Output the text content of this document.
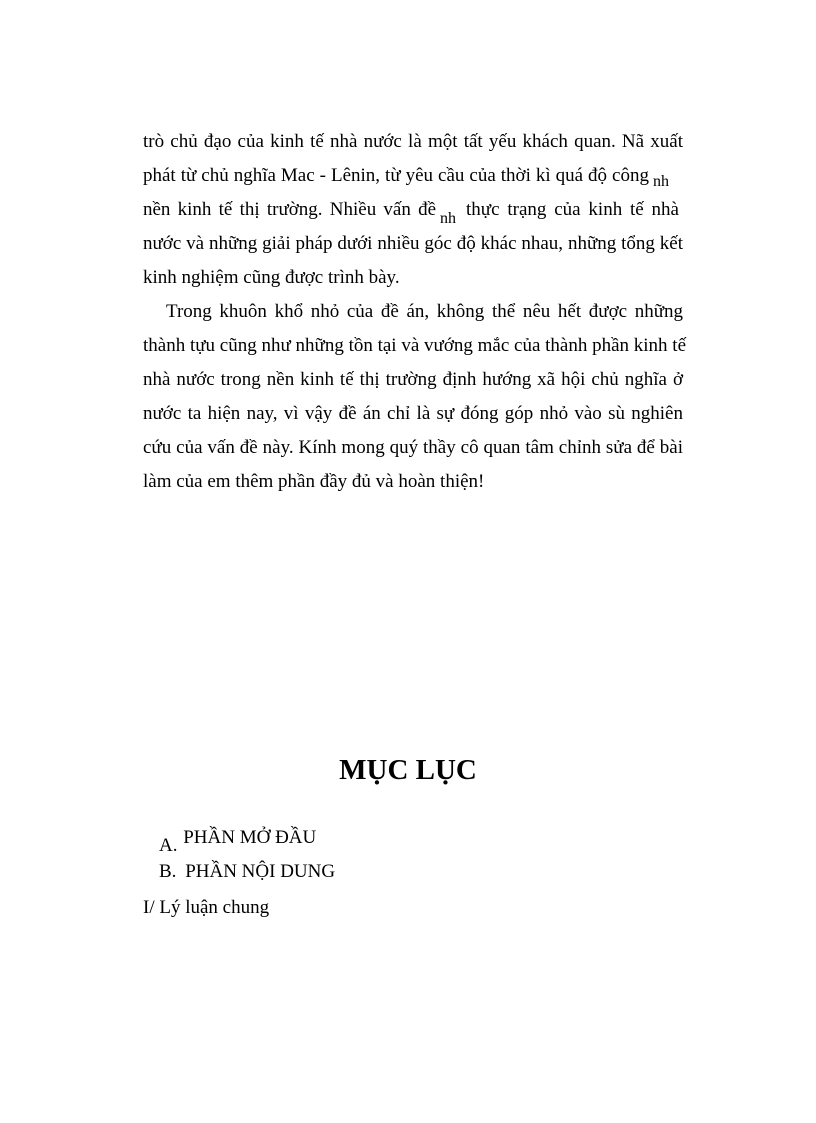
trò chủ đạo của kinh tế nhà nước là một tất yếu khách quan. Nã xuất
phát từ chủ nghĩa Mac - Lênin, từ yêu cầu của thời kì quá độ công $_{nh}$
nền kinh tế thị trường. Nhiều vấn đề $_{nh}$ thực trạng của kinh tế nhà
nước và những giải pháp dưới nhiều góc độ khác nhau, những tổng kết
kinh nghiệm cũng được trình bày.
Trong khuôn khổ nhỏ của đề án, không thể nêu hết được những
thành tựu cũng như những tồn tại và vướng mắc của thành phần kinh tế
nhà nước trong nền kinh tế thị trường định hướng xã hội chủ nghĩa ở
nước ta hiện nay, vì vậy đề án chỉ là sự đóng góp nhỏ vào sù nghiên
cứu của vấn đề này. Kính mong quý thầy cô quan tâm chỉnh sửa để bài
làm của em thêm phần đầy đủ và hoàn thiện!
MỤC LỤC
A. PHẦN MỞ ĐẦU
B. PHẦN NỘI DUNG
I/ Lý luận chung
